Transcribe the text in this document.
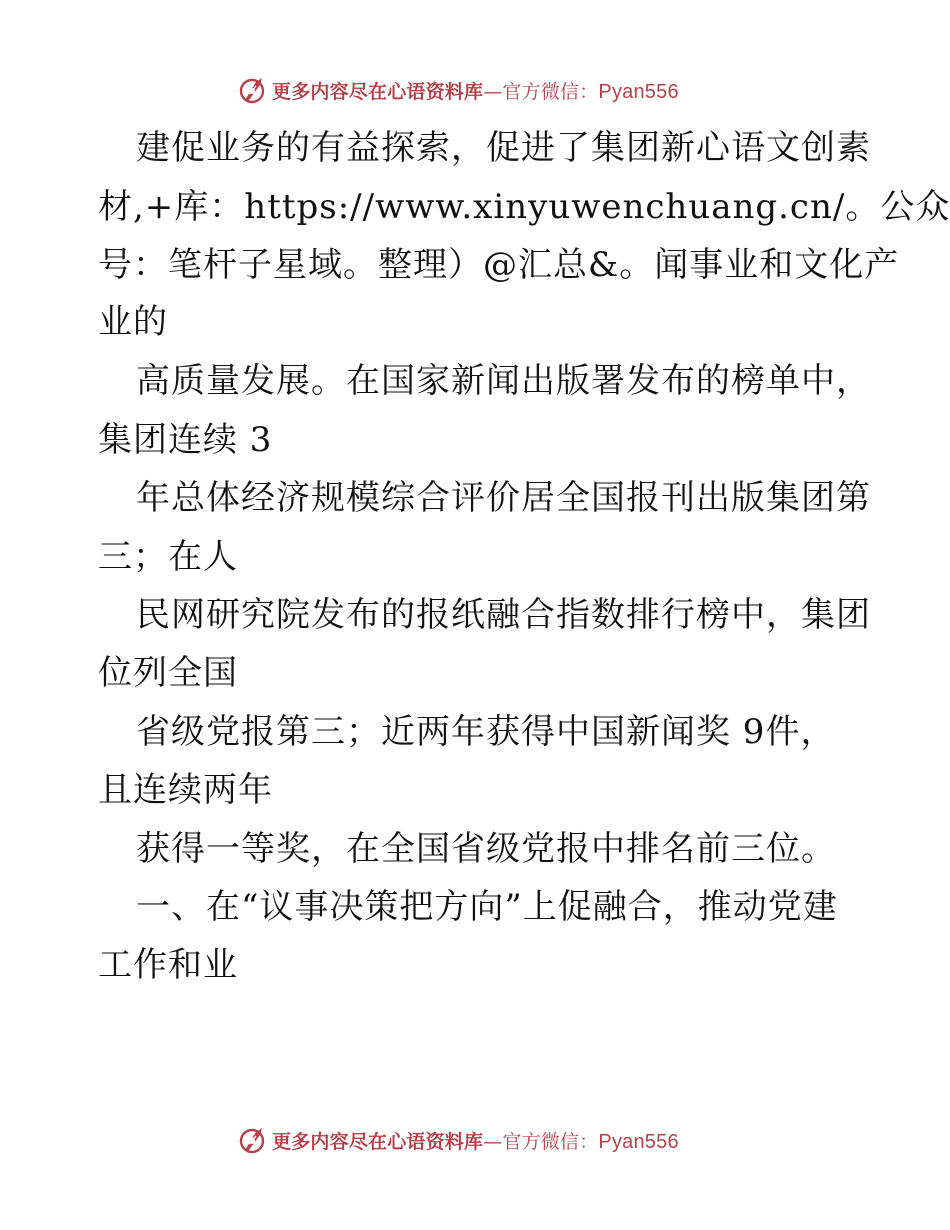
更多内容尽在心语资料库—官方微信：Pyan556
建促业务的有益探索，促进了集团新心语文创素
材,+库：https://www.xinyuwenchuang.cn/。公众
号：笔杆子星域。整理）@汇总&。闻事业和文化产
业的
高质量发展。在国家新闻出版署发布的榜单中，
集团连续 3
年总体经济规模综合评价居全国报刊出版集团第
三；在人
民网研究院发布的报纸融合指数排行榜中，集团
位列全国
省级党报第三；近两年获得中国新闻奖 9件，
且连续两年
获得一等奖，在全国省级党报中排名前三位。
一、在“议事决策把方向”上促融合，推动党建
工作和业
更多内容尽在心语资料库—官方微信：Pyan556
